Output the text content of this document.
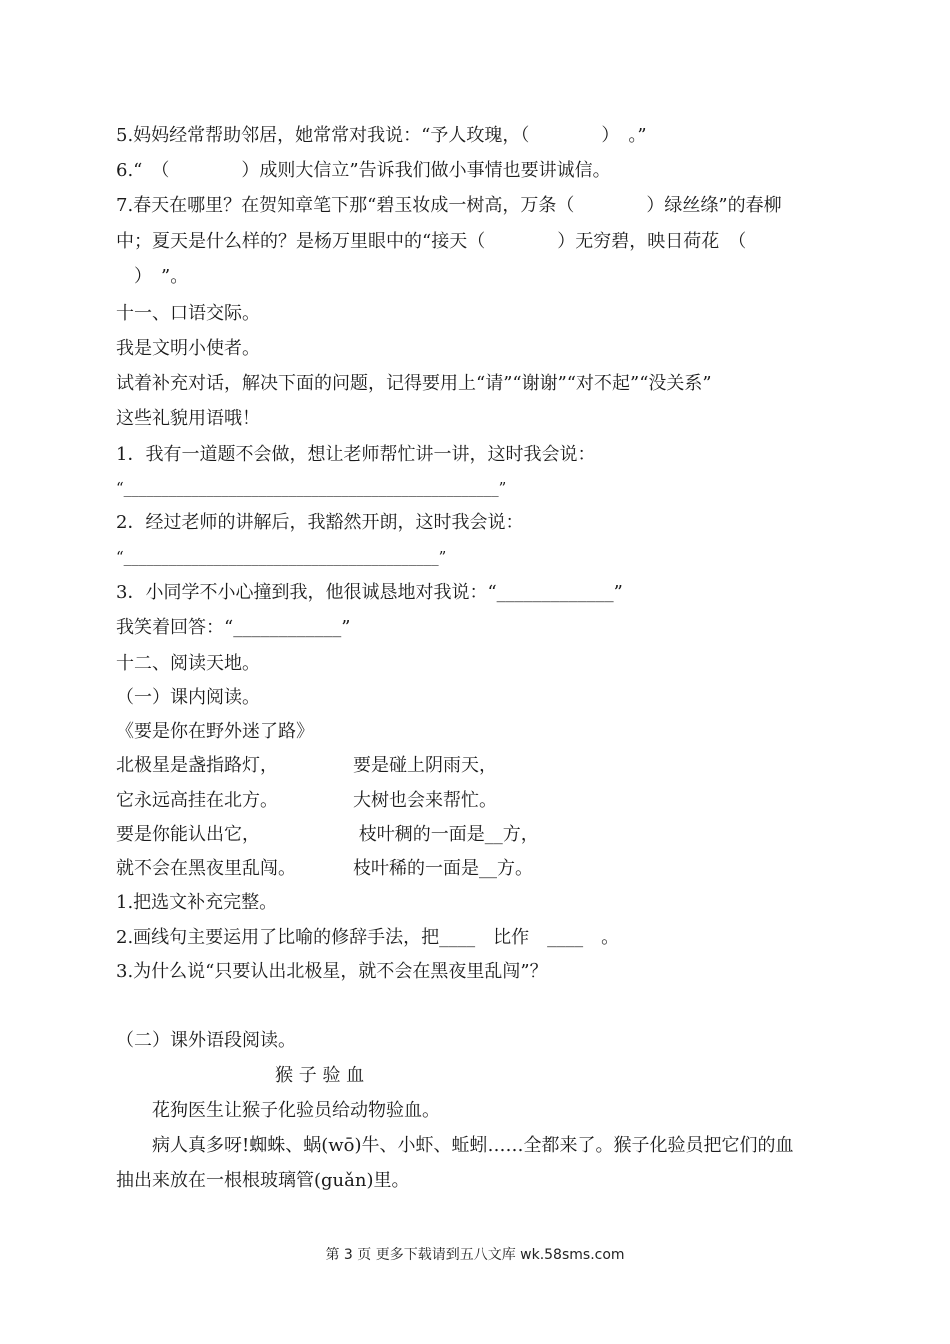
5.妈妈经常帮助邻居，她常常对我说：“予人玫瑰，（　　　　）　。”
6.“　（　　　　）成则大信立”告诉我们做小事情也要讲诚信。
7.春天在哪里？在贺知章笔下那“碧玉妆成一树高，万条（　　　　）绿丝绦”的春柳
中；夏天是什么样的？是杨万里眼中的“接天（　　　　）无穷碧，映日荷花　（
　）　”。
十一、口语交际。
我是文明小使者。
试着补充对话，解决下面的问题，记得要用上“请”“谢谢”“对不起”“没关系”
这些礼貌用语哦！
1．我有一道题不会做，想让老师帮忙讲一讲，这时我会说：
“__________________________________________________”
2．经过老师的讲解后，我豁然开朗，这时我会说：
“__________________________________________”
3．小同学不小心撞到我，他很诚恳地对我说：“_____________”
我笑着回答：“____________”
十二、阅读天地。
（一）课内阅读。
《要是你在野外迷了路》
北极星是盏指路灯，
它永远高挂在北方。
要是你能认出它，
就不会在黑夜里乱闯。
要是碰上阴雨天，
大树也会来帮忙。
枝叶稠的一面是__方，
枝叶稀的一面是__方。
1.把选文补充完整。
2.画线句主要运用了比喻的修辞手法，把____　比作　____　。
3.为什么说“只要认出北极星，就不会在黑夜里乱闯”？
（二）课外语段阅读。
猴 子 验 血
　　花狗医生让猴子化验员给动物验血。
　　病人真多呀!蜘蛛、蜗(wō)牛、小虾、蚯蚓……全都来了。猴子化验员把它们的血
抽出来放在一根根玻璃管(guǎn)里。
第 3 页 更多下载请到五八文库 wk.58sms.com
